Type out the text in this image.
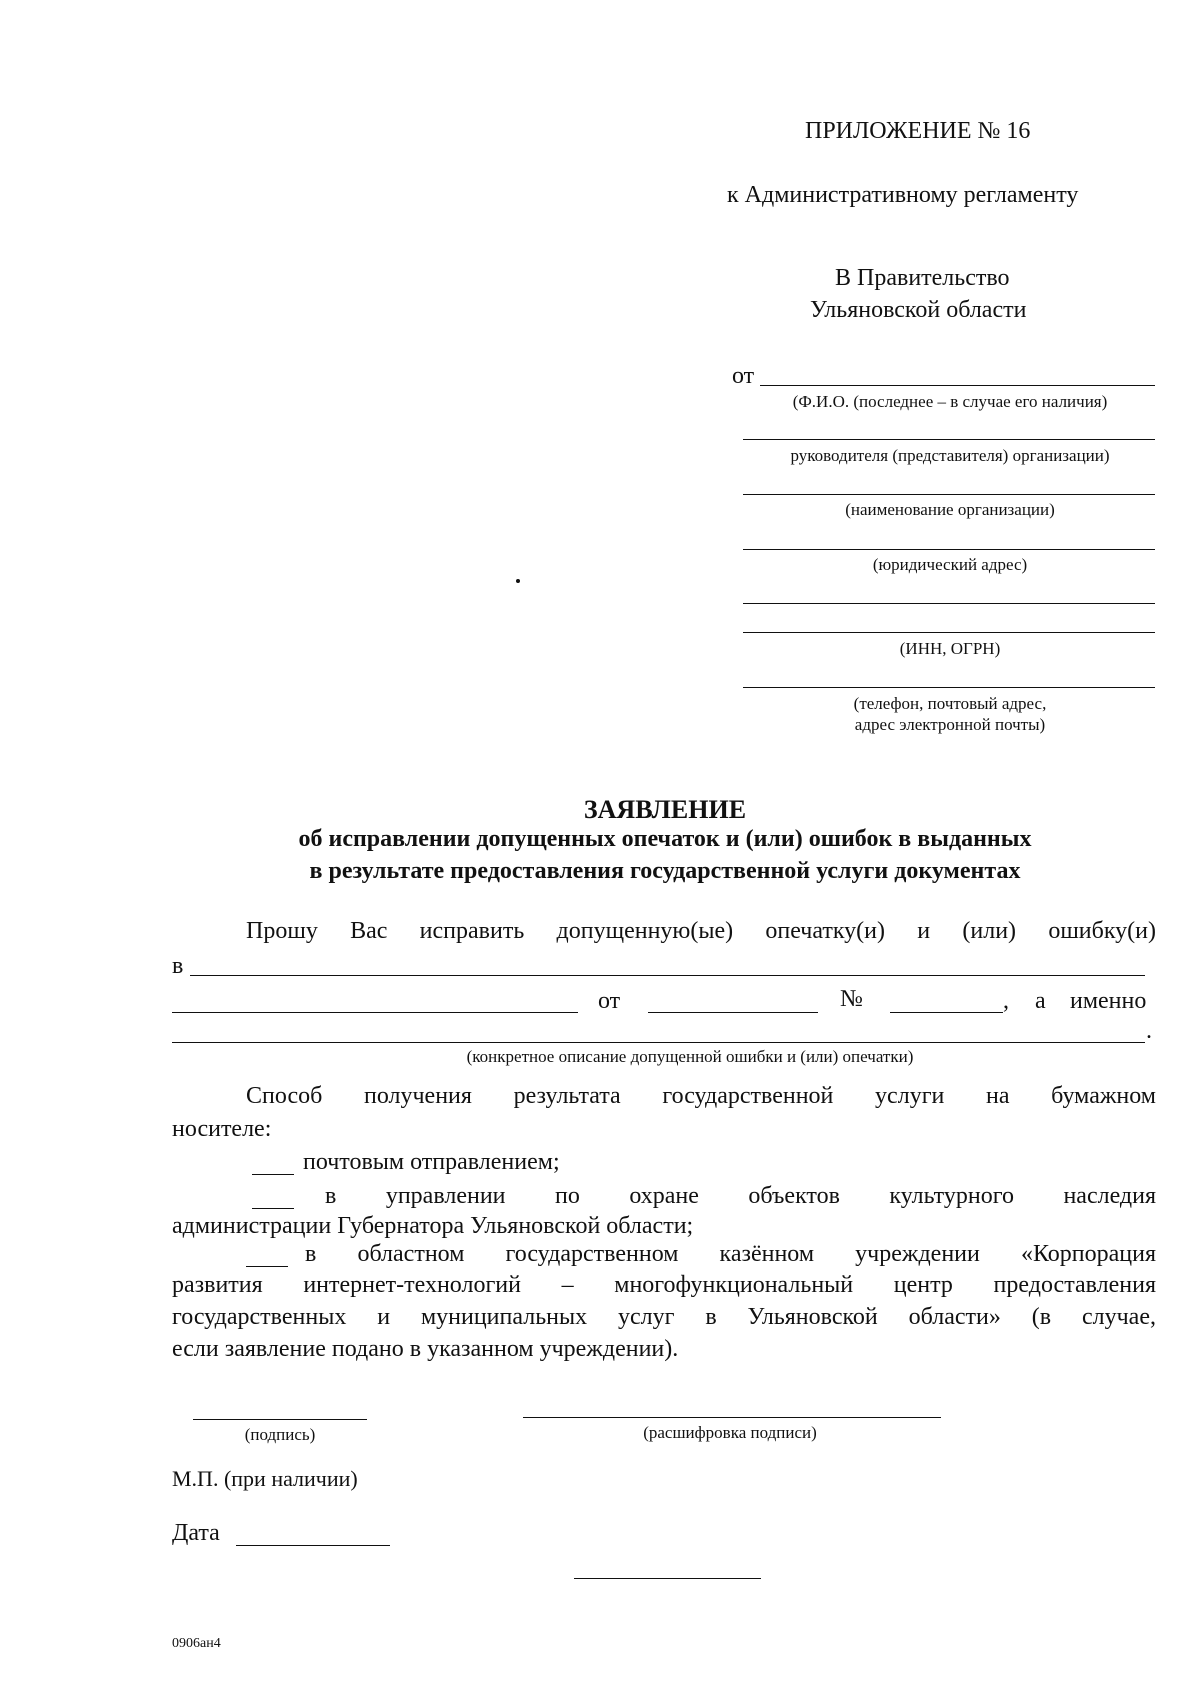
ПРИЛОЖЕНИЕ № 16
к Административному регламенту
В Правительство
Ульяновской области
от
(Ф.И.О. (последнее – в случае его наличия)
руководителя (представителя) организации)
(наименование организации)
(юридический адрес)
(ИНН, ОГРН)
(телефон, почтовый адрес,
адрес электронной почты)
ЗАЯВЛЕНИЕ
об исправлении допущенных опечаток и (или) ошибок в выданных
в результате предоставления государственной услуги документах
Прошу Вас исправить допущенную(ые) опечатку(и) и (или) ошибку(и)
в
от	№	, а именно
.
(конкретное описание допущенной ошибки и (или) опечатки)
Способ получения результата государственной услуги на бумажном
носителе:
почтовым отправлением;
в управлении по охране объектов культурного наследия
администрации Губернатора Ульяновской области;
в областном государственном казённом учреждении «Корпорация
развития интернет-технологий – многофункциональный центр предоставления
государственных и муниципальных услуг в Ульяновской области» (в случае,
если заявление подано в указанном учреждении).
(подпись)	(расшифровка подписи)
М.П. (при наличии)
Дата
0906ан4
